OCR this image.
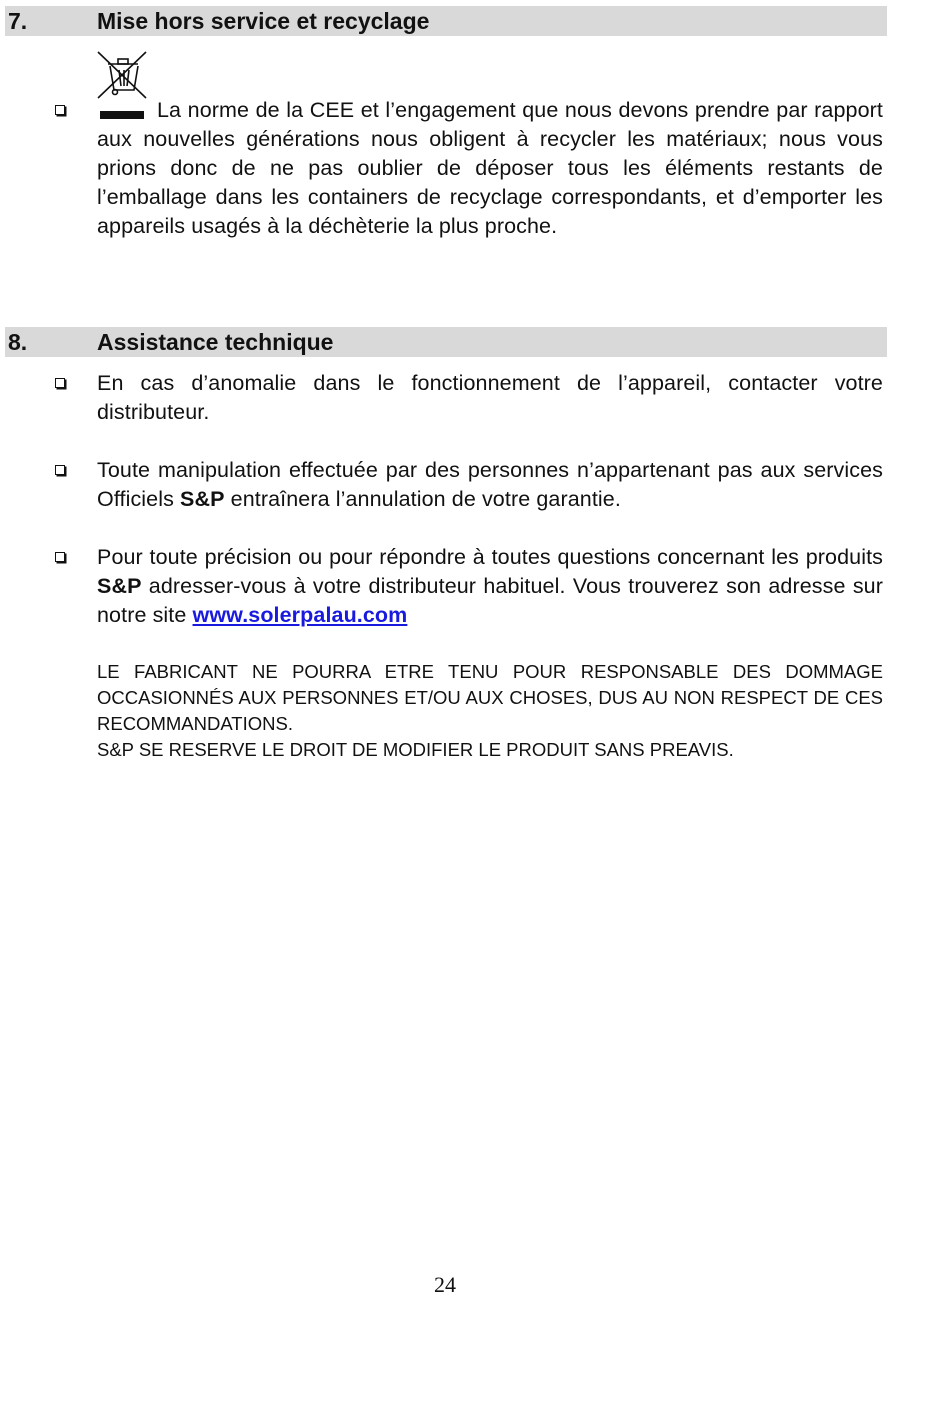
7.	Mise hors service et recyclage
La norme de la CEE et l’engagement que nous devons prendre par rapport aux nouvelles générations nous obligent à recycler les matériaux; nous vous prions donc de ne pas oublier de déposer tous les éléments restants de l’emballage dans les containers de recyclage correspondants, et d’emporter les appareils usagés à la déchèterie la plus proche.
8.	Assistance technique
En cas d’anomalie dans le fonctionnement de l’appareil, contacter votre distributeur.
Toute manipulation effectuée par des personnes n’appartenant pas aux services Officiels S&P entraînera l’annulation de votre garantie.
Pour toute précision ou pour répondre à toutes questions concernant les produits S&P adresser-vous à votre distributeur habituel. Vous trouverez son adresse sur notre site www.solerpalau.com
LE FABRICANT NE POURRA ETRE TENU POUR RESPONSABLE DES DOMMAGE OCCASIONNÉS AUX PERSONNES ET/OU AUX CHOSES, DUS AU NON RESPECT DE CES RECOMMANDATIONS.
S&P SE RESERVE LE DROIT DE MODIFIER LE PRODUIT SANS PREAVIS.
24
